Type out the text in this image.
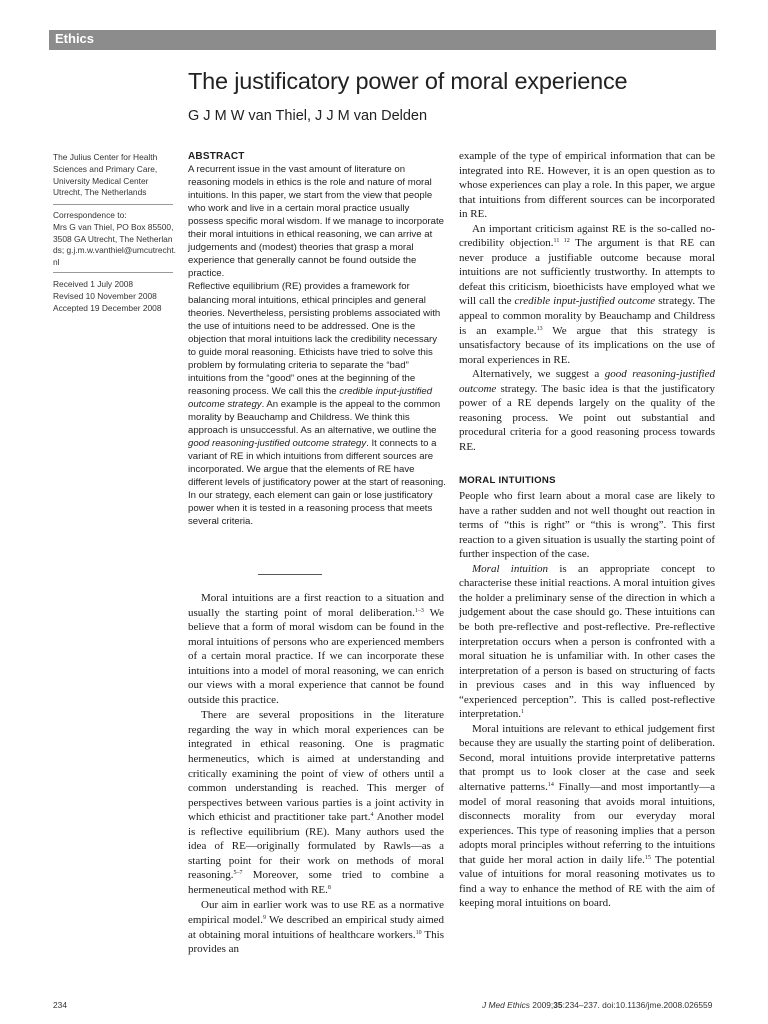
Ethics
The justificatory power of moral experience
G J M W van Thiel, J J M van Delden
The Julius Center for Health Sciences and Primary Care, University Medical Center Utrecht, The Netherlands
Correspondence to:
Mrs G van Thiel, PO Box 85500, 3508 GA Utrecht, The Netherlands; g.j.m.w.vanthiel@umcutrecht.nl
Received 1 July 2008
Revised 10 November 2008
Accepted 19 December 2008
ABSTRACT

A recurrent issue in the vast amount of literature on reasoning models in ethics is the role and nature of moral intuitions. In this paper, we start from the view that people who work and live in a certain moral practice usually possess specific moral wisdom. If we manage to incorporate their moral intuitions in ethical reasoning, we can arrive at judgements and (modest) theories that grasp a moral experience that generally cannot be found outside the practice.

Reflective equilibrium (RE) provides a framework for balancing moral intuitions, ethical principles and general theories. Nevertheless, persisting problems associated with the use of intuitions need to be addressed. One is the objection that moral intuitions lack the credibility necessary to guide moral reasoning. Ethicists have tried to solve this problem by formulating criteria to separate the “bad” intuitions from the “good” ones at the beginning of the reasoning process. We call this the credible input-justified outcome strategy. An example is the appeal to the common morality by Beauchamp and Childress. We think this approach is unsuccessful. As an alternative, we outline the good reasoning-justified outcome strategy. It connects to a variant of RE in which intuitions from different sources are incorporated. We argue that the elements of RE have different levels of justificatory power at the start of reasoning. In our strategy, each element can gain or lose justificatory power when it is tested in a reasoning process that meets several criteria.

Moral intuitions are a first reaction to a situation and usually the starting point of moral deliberation.$^{1-3}$ We believe that a form of moral wisdom can be found in the moral intuitions of persons who are experienced members of a certain moral practice. If we can incorporate these intuitions into a model of moral reasoning, we can enrich our views with a moral experience that cannot be found outside this practice.

There are several propositions in the literature regarding the way in which moral experiences can be integrated in ethical reasoning. One is pragmatic hermeneutics, which is aimed at understanding and critically examining the point of view of others until a common understanding is reached. This merger of perspectives between various parties is a joint activity in which ethicist and practitioner take part.$^4$ Another model is reflective equilibrium (RE). Many authors used the idea of RE—originally formulated by Rawls—as a starting point for their work on methods of moral reasoning.$^{5-7}$ Moreover, some tried to combine a hermeneutical method with RE.$^8$

Our aim in earlier work was to use RE as a normative empirical model.$^9$ We described an empirical study aimed at obtaining moral intuitions of healthcare workers.$^{10}$ This provides an

example of the type of empirical information that can be integrated into RE. However, it is an open question as to whose experiences can play a role. In this paper, we argue that intuitions from different sources can be incorporated in RE.

An important criticism against RE is the so-called no-credibility objection.$^{11 12}$ The argument is that RE can never produce a justifiable outcome because moral intuitions are not sufficiently trustworthy. In attempts to defeat this criticism, bioethicists have employed what we will call the credible input-justified outcome strategy. The appeal to common morality by Beauchamp and Childress is an example.$^{13}$ We argue that this strategy is unsatisfactory because of its implications on the use of moral experiences in RE.

Alternatively, we suggest a good reasoning-justified outcome strategy. The basic idea is that the justificatory power of a RE depends largely on the quality of the reasoning process. We point out substantial and procedural criteria for a good reasoning process towards RE.

MORAL INTUITIONS

People who first learn about a moral case are likely to have a rather sudden and not well thought out reaction in terms of “this is right” or “this is wrong”. This first reaction to a given situation is usually the starting point of further inspection of the case.

Moral intuition is an appropriate concept to characterise these initial reactions. A moral intuition gives the holder a preliminary sense of the direction in which a judgement about the case should go. These intuitions can be both pre-reflective and post-reflective. Pre-reflective interpretation occurs when a person is confronted with a moral situation he is unfamiliar with. In other cases the interpretation of a person is based on structuring of facts in previous cases and in this way influenced by “experienced perception”. This is called post-reflective interpretation.$^1$

Moral intuitions are relevant to ethical judgement first because they are usually the starting point of deliberation. Second, moral intuitions provide interpretative patterns that prompt us to look closer at the case and seek alternative patterns.$^{14}$ Finally—and most importantly—a model of moral reasoning that avoids moral intuitions, disconnects morality from our everyday moral experiences. This type of reasoning implies that a person adopts moral principles without referring to the intuitions that guide her moral action in daily life.$^{15}$ The potential value of intuitions for moral reasoning motivates us to find a way to enhance the method of RE with the aim of keeping moral intuitions on board.

234	J Med Ethics 2009;35:234–237. doi:10.1136/jme.2008.026559
